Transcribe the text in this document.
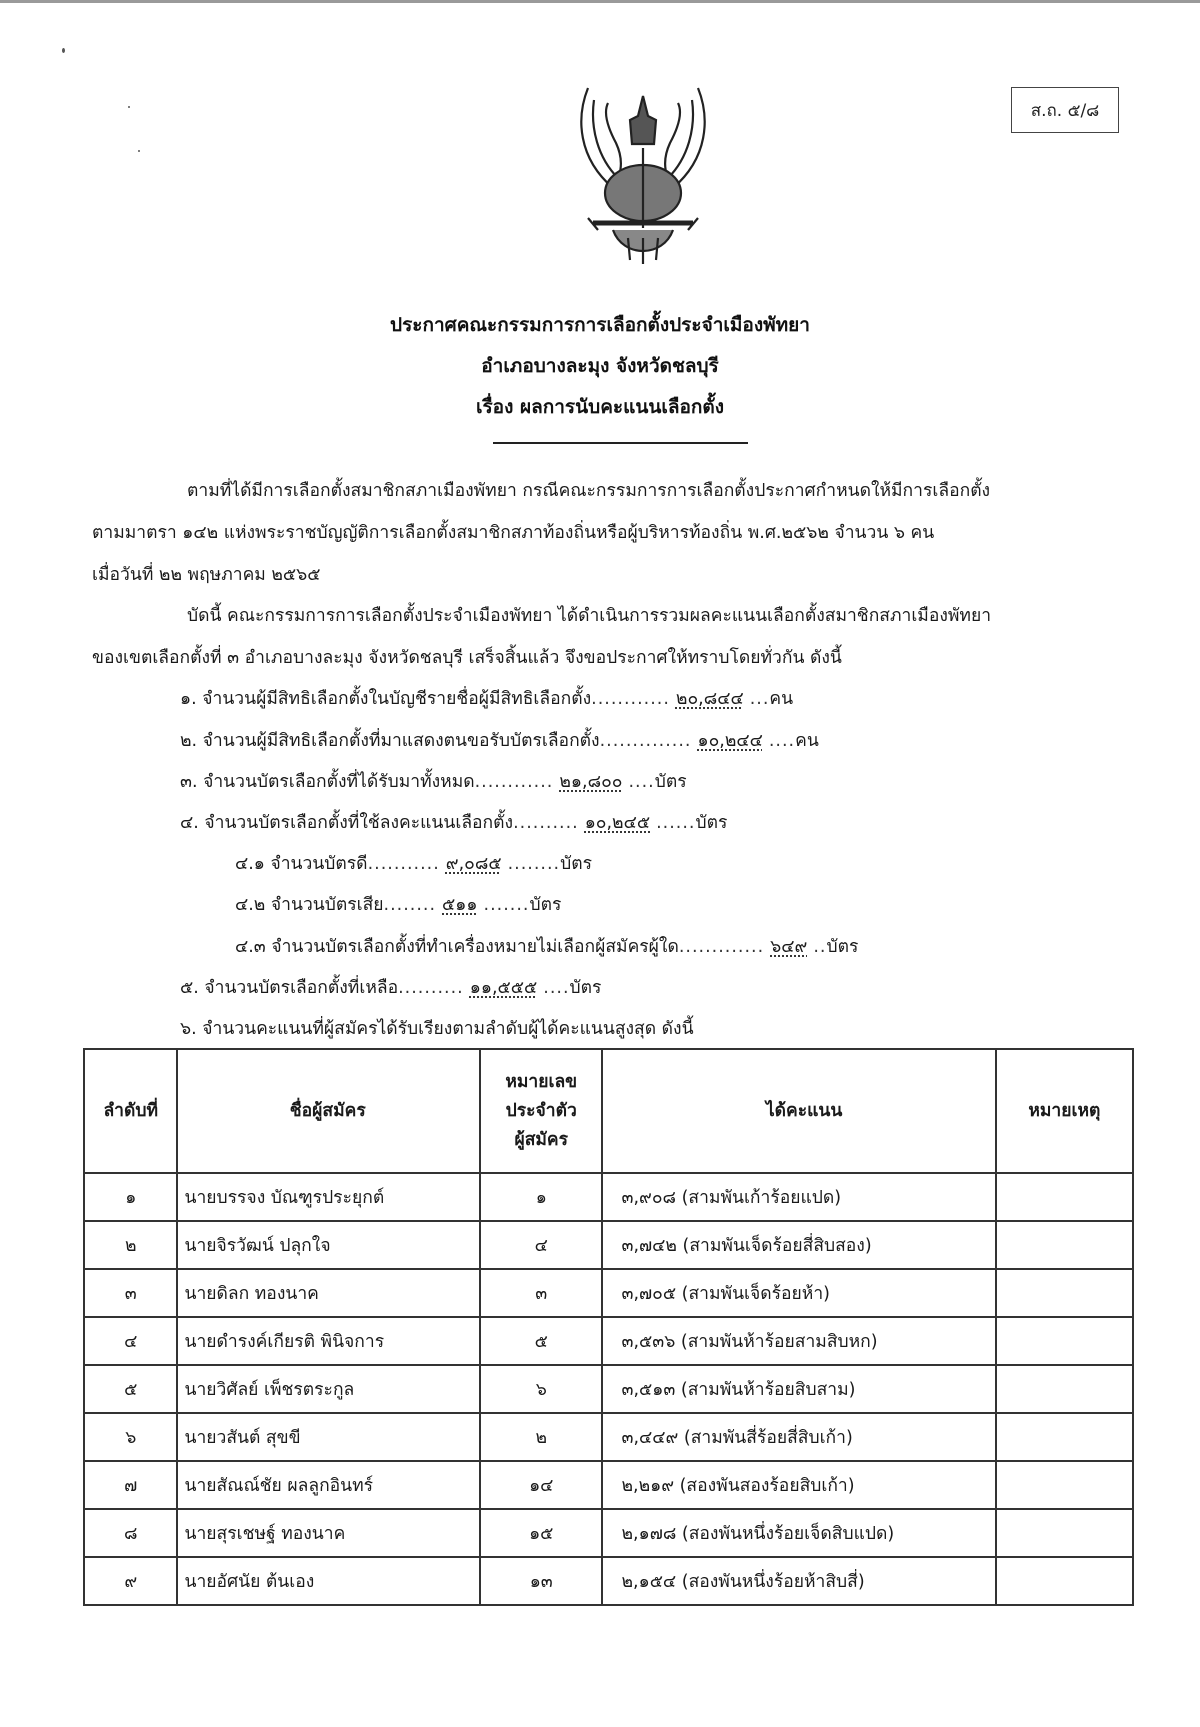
ส.ถ. ๕/๘
ประกาศคณะกรรมการการเลือกตั้งประจำเมืองพัทยา
อำเภอบางละมุง จังหวัดชลบุรี
เรื่อง ผลการนับคะแนนเลือกตั้ง
ตามที่ได้มีการเลือกตั้งสมาชิกสภาเมืองพัทยา กรณีคณะกรรมการการเลือกตั้งประกาศกำหนดให้มีการเลือกตั้ง
ตามมาตรา ๑๔๒ แห่งพระราชบัญญัติการเลือกตั้งสมาชิกสภาท้องถิ่นหรือผู้บริหารท้องถิ่น พ.ศ.๒๕๖๒ จำนวน ๖ คน
เมื่อวันที่ ๒๒ พฤษภาคม ๒๕๖๕
บัดนี้ คณะกรรมการการเลือกตั้งประจำเมืองพัทยา ได้ดำเนินการรวมผลคะแนนเลือกตั้งสมาชิกสภาเมืองพัทยา
ของเขตเลือกตั้งที่ ๓ อำเภอบางละมุง จังหวัดชลบุรี เสร็จสิ้นแล้ว จึงขอประกาศให้ทราบโดยทั่วกัน ดังนี้
๑. จำนวนผู้มีสิทธิเลือกตั้งในบัญชีรายชื่อผู้มีสิทธิเลือกตั้ง............ ๒๐,๘๔๔ ...คน
๒. จำนวนผู้มีสิทธิเลือกตั้งที่มาแสดงตนขอรับบัตรเลือกตั้ง.............. ๑๐,๒๔๔ ....คน
๓. จำนวนบัตรเลือกตั้งที่ได้รับมาทั้งหมด............ ๒๑,๘๐๐ ....บัตร
๔. จำนวนบัตรเลือกตั้งที่ใช้ลงคะแนนเลือกตั้ง.......... ๑๐,๒๔๕ ......บัตร
๔.๑ จำนวนบัตรดี........... ๙,๐๘๕ ........บัตร
๔.๒ จำนวนบัตรเสีย........ ๕๑๑ .......บัตร
๔.๓ จำนวนบัตรเลือกตั้งที่ทำเครื่องหมายไม่เลือกผู้สมัครผู้ใด............. ๖๔๙ ..บัตร
๕. จำนวนบัตรเลือกตั้งที่เหลือ.......... ๑๑,๕๕๕ ....บัตร
๖. จำนวนคะแนนที่ผู้สมัครได้รับเรียงตามลำดับผู้ได้คะแนนสูงสุด ดังนี้
ลำดับที่	ชื่อผู้สมัคร	หมายเลข
ประจำตัว
ผู้สมัคร	ได้คะแนน	หมายเหตุ
๑	นายบรรจง บัณฑูรประยุกต์	๑	๓,๙๐๘ (สามพันเก้าร้อยแปด)	
๒	นายจิรวัฒน์ ปลุกใจ	๔	๓,๗๔๒ (สามพันเจ็ดร้อยสี่สิบสอง)	
๓	นายดิลก ทองนาค	๓	๓,๗๐๕ (สามพันเจ็ดร้อยห้า)	
๔	นายดำรงค์เกียรติ พินิจการ	๕	๓,๕๓๖ (สามพันห้าร้อยสามสิบหก)	
๕	นายวิศัลย์ เพ็ชรตระกูล	๖	๓,๕๑๓ (สามพันห้าร้อยสิบสาม)	
๖	นายวสันต์ สุขขี	๒	๓,๔๔๙ (สามพันสี่ร้อยสี่สิบเก้า)	
๗	นายสัณณ์ชัย ผลลูกอินทร์	๑๔	๒,๒๑๙ (สองพันสองร้อยสิบเก้า)	
๘	นายสุรเชษฐ์ ทองนาค	๑๕	๒,๑๗๘ (สองพันหนึ่งร้อยเจ็ดสิบแปด)	
๙	นายอัศนัย ต้นเอง	๑๓	๒,๑๕๔ (สองพันหนึ่งร้อยห้าสิบสี่)	
